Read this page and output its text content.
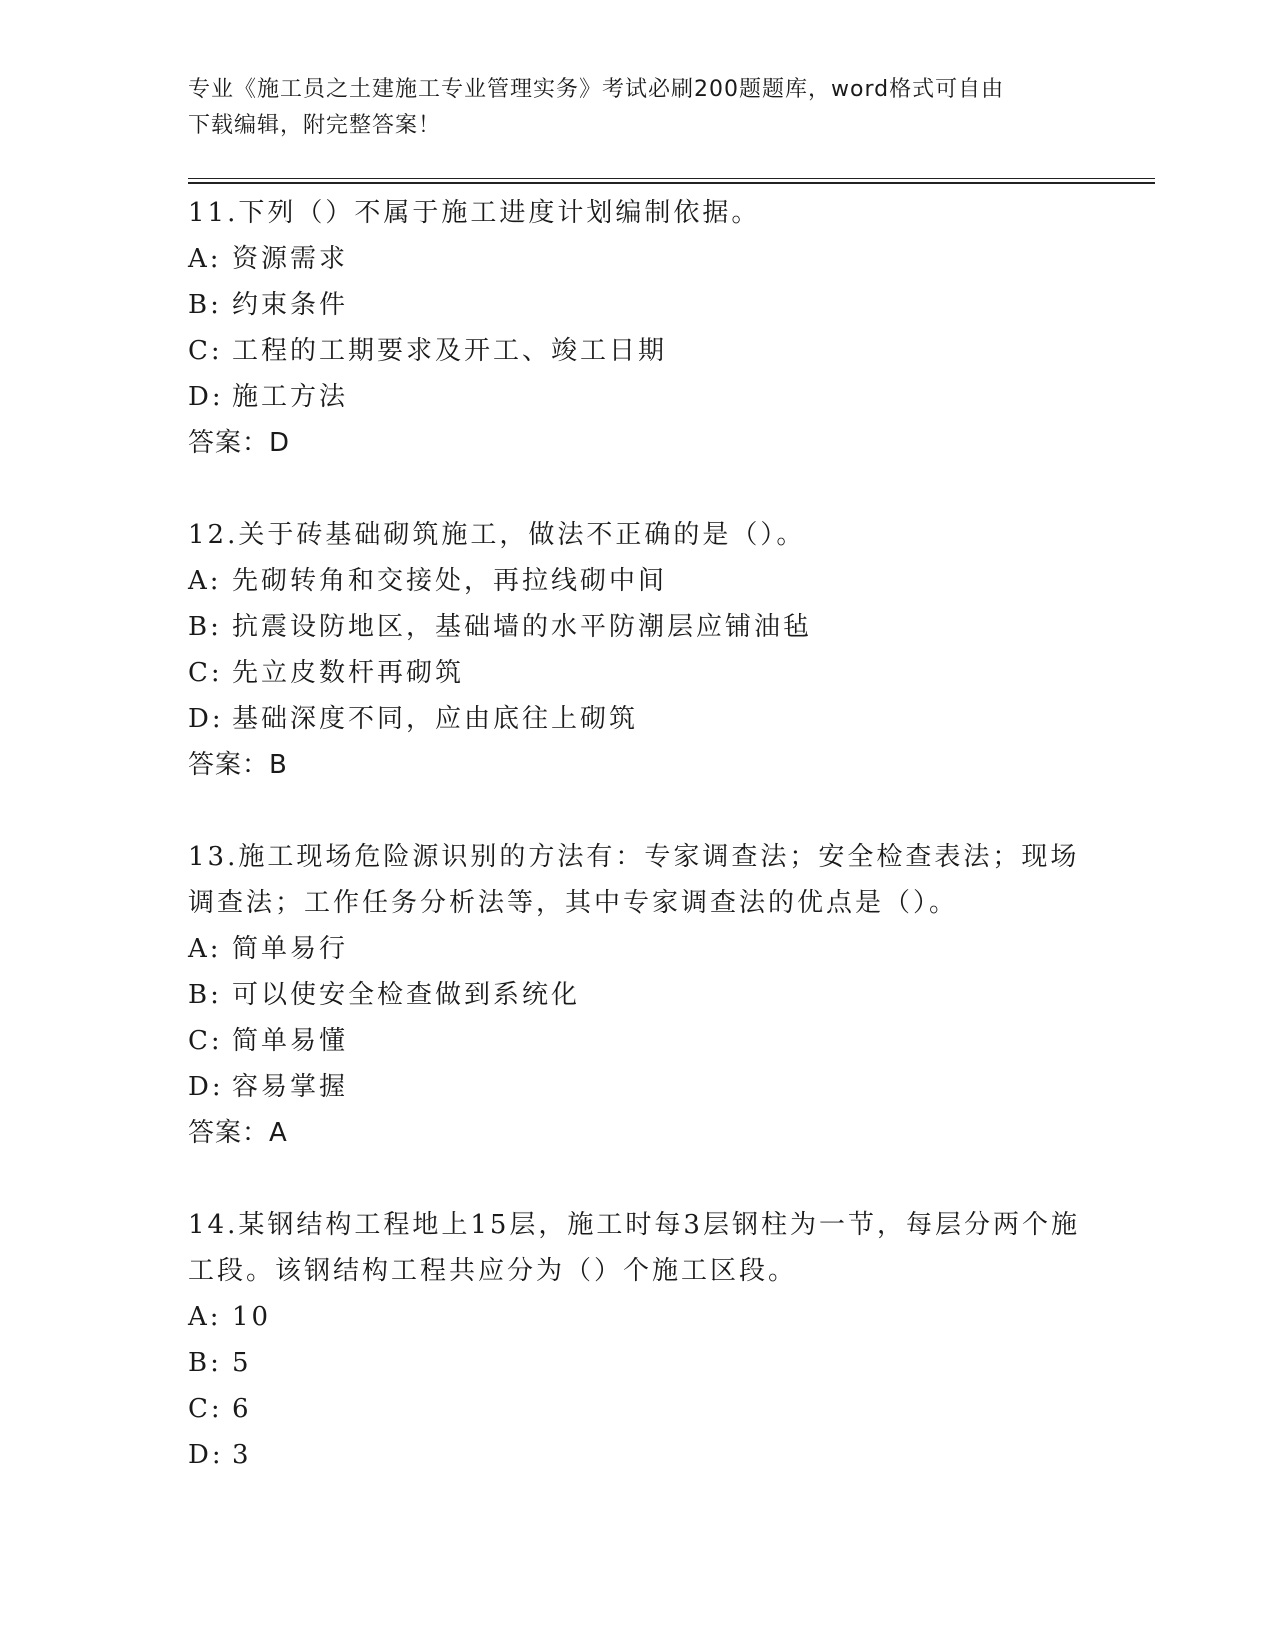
专业《施工员之土建施工专业管理实务》考试必刷200题题库，word格式可自由
下载编辑，附完整答案！
11.下列（）不属于施工进度计划编制依据。
A: 资源需求
B: 约束条件
C: 工程的工期要求及开工、竣工日期
D: 施工方法
答案：D
12.关于砖基础砌筑施工，做法不正确的是（）。
A: 先砌转角和交接处，再拉线砌中间
B: 抗震设防地区，基础墙的水平防潮层应铺油毡
C: 先立皮数杆再砌筑
D: 基础深度不同，应由底往上砌筑
答案：B
13.施工现场危险源识别的方法有：专家调查法；安全检查表法；现场调查法；工作任务分析法等，其中专家调查法的优点是（）。
A: 简单易行
B: 可以使安全检查做到系统化
C: 简单易懂
D: 容易掌握
答案：A
14.某钢结构工程地上15层，施工时每3层钢柱为一节，每层分两个施工段。该钢结构工程共应分为（）个施工区段。
A: 10
B: 5
C: 6
D: 3
